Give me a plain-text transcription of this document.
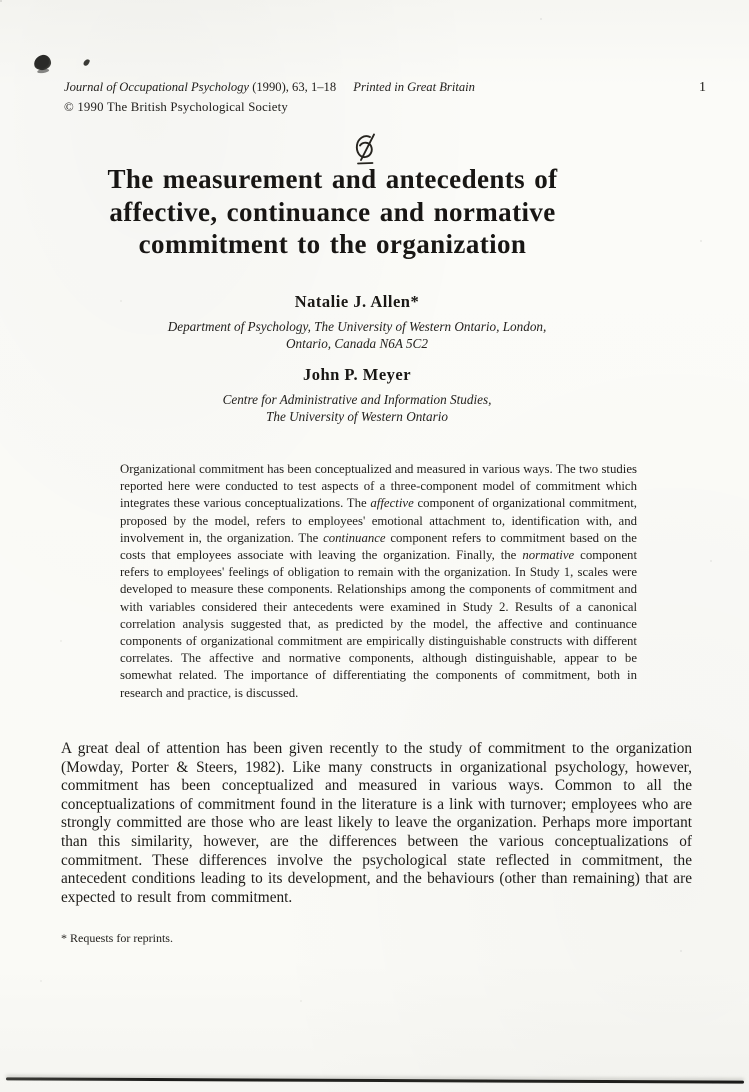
Journal of Occupational Psychology (1990), 63, 1–18 Printed in Great Britain	1
© 1990 The British Psychological Society
The measurement and antecedents of
affective, continuance and normative
commitment to the organization
Natalie J. Allen*
Department of Psychology, The University of Western Ontario, London,
Ontario, Canada N6A 5C2
John P. Meyer
Centre for Administrative and Information Studies,
The University of Western Ontario

Organizational commitment has been conceptualized and measured in various ways. The two studies reported here were conducted to test aspects of a three-component model of commitment which integrates these various conceptualizations. The affective component of organizational commitment, proposed by the model, refers to employees' emotional attachment to, identification with, and involvement in, the organization. The continuance component refers to commitment based on the costs that employees associate with leaving the organization. Finally, the normative component refers to employees' feelings of obligation to remain with the organization. In Study 1, scales were developed to measure these components. Relationships among the components of commitment and with variables considered their antecedents were examined in Study 2. Results of a canonical correlation analysis suggested that, as predicted by the model, the affective and continuance components of organizational commitment are empirically distinguishable constructs with different correlates. The affective and normative components, although distinguishable, appear to be somewhat related. The importance of differentiating the components of commitment, both in research and practice, is discussed.

A great deal of attention has been given recently to the study of commitment to the organization (Mowday, Porter & Steers, 1982). Like many constructs in organizational psychology, however, commitment has been conceptualized and measured in various ways. Common to all the conceptualizations of commitment found in the literature is a link with turnover; employees who are strongly committed are those who are least likely to leave the organization. Perhaps more important than this similarity, however, are the differences between the various conceptualizations of commitment. These differences involve the psychological state reflected in commitment, the antecedent conditions leading to its development, and the behaviours (other than remaining) that are expected to result from commitment.

* Requests for reprints.
